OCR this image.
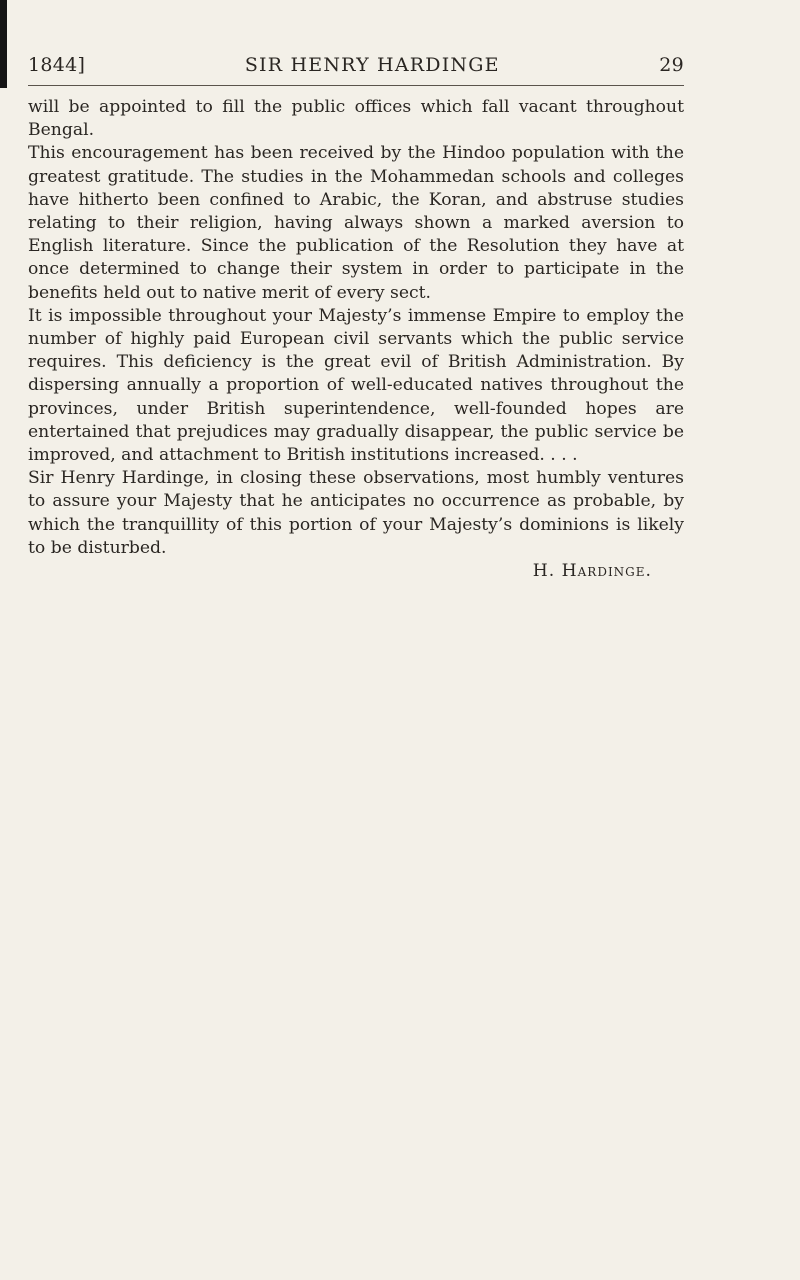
1844]	SIR HENRY HARDINGE	29

will be appointed to fill the public offices which fall vacant throughout Bengal.

This encouragement has been received by the Hindoo population with the greatest gratitude. The studies in the Mohammedan schools and colleges have hitherto been confined to Arabic, the Koran, and abstruse studies relating to their religion, having always shown a marked aversion to English literature. Since the publication of the Resolution they have at once determined to change their system in order to participate in the benefits held out to native merit of every sect.

It is impossible throughout your Majesty’s immense Empire to employ the number of highly paid European civil servants which the public service requires. This deficiency is the great evil of British Administration. By dispersing annually a proportion of well-educated natives throughout the provinces, under British superintendence, well-founded hopes are entertained that prejudices may gradually disappear, the public service be improved, and attachment to British institutions increased. . . .

Sir Henry Hardinge, in closing these observations, most humbly ventures to assure your Majesty that he anticipates no occurrence as probable, by which the tranquillity of this portion of your Majesty’s dominions is likely to be disturbed.

H. Hardinge.
